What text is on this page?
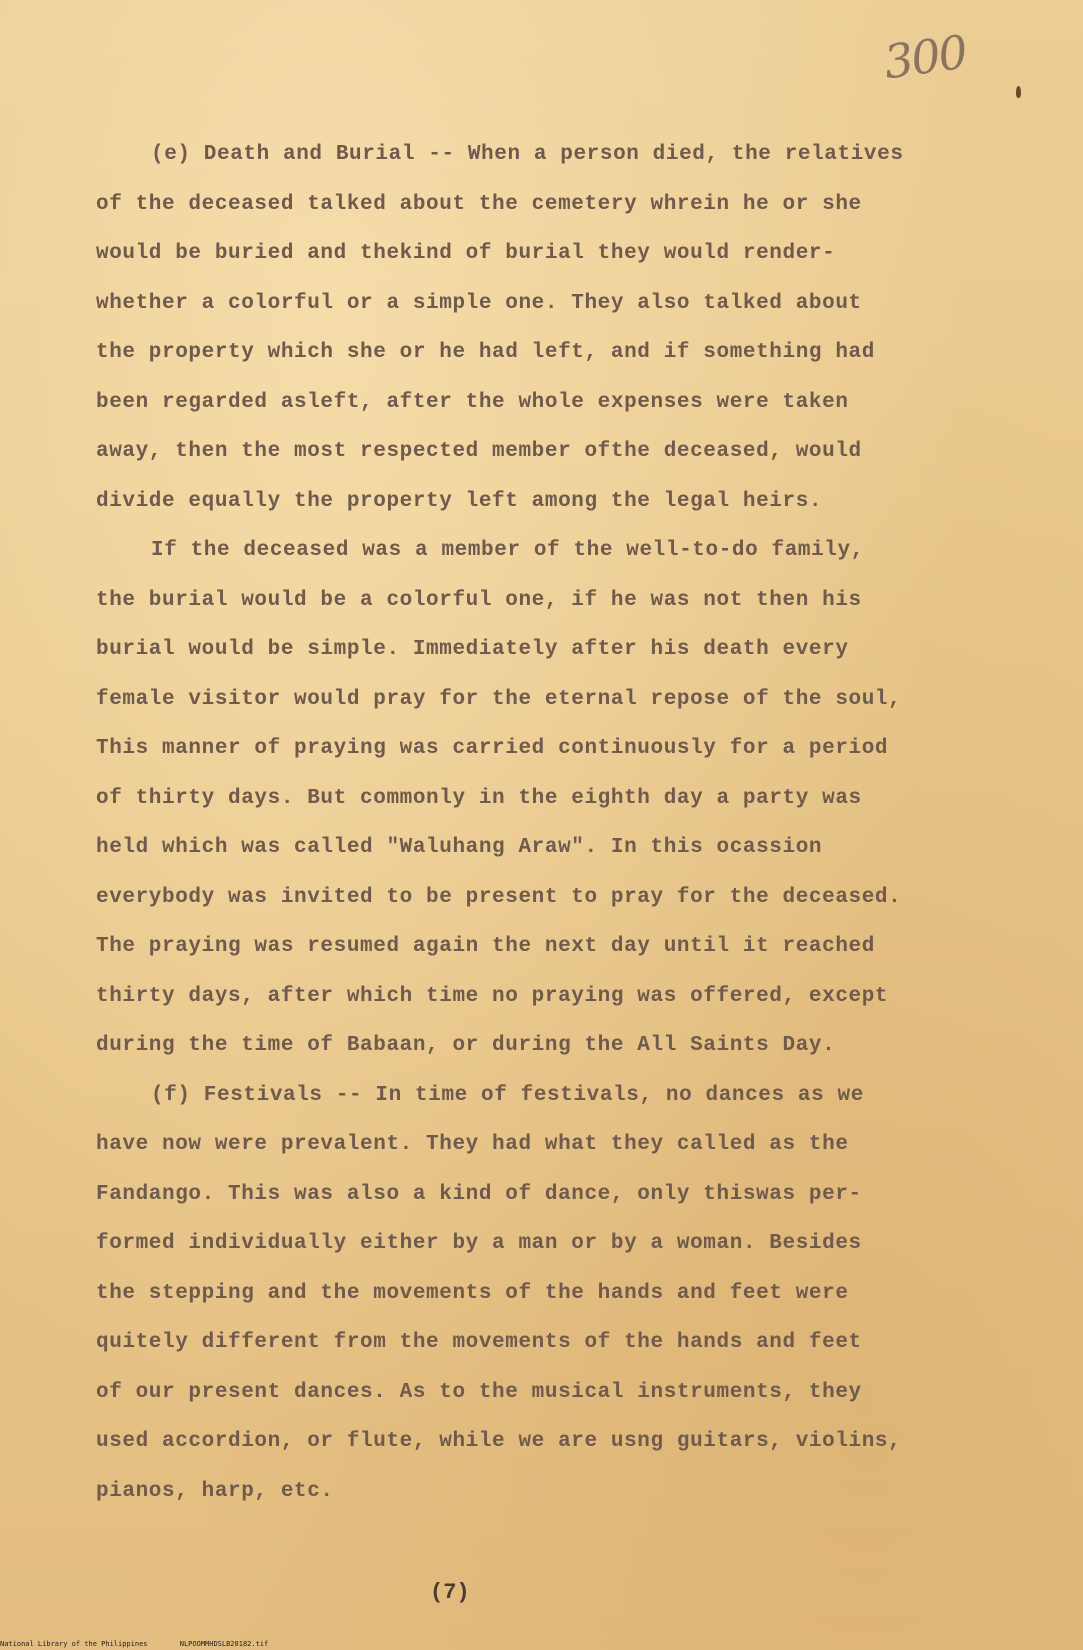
300
(e) Death and Burial -- When a person died, the relatives
of the deceased talked about the cemetery whrein he or she
would be buried and thekind of burial they would render-
whether a colorful or a simple one. They also talked about
the property which she or he had left, and if something had
been regarded asleft, after the whole expenses were taken
away, then the most respected member ofthe deceased, would
divide equally the property left among the legal heirs.
If the deceased was a member of the well-to-do family,
the burial would be a colorful one, if he was not then his
burial would be simple. Immediately after his death every
female visitor would pray for the eternal repose of the soul,
This manner of praying was carried continuously for a period
of thirty days. But commonly in the eighth day a party was
held which was called "Waluhang Araw". In this ocassion
everybody was invited to be present to pray for the deceased.
The praying was resumed again the next day until it reached
thirty days, after which time no praying was offered, except
during the time of Babaan, or during the All Saints Day.
(f) Festivals -- In time of festivals, no dances as we
have now were prevalent. They had what they called as the
Fandango. This was also a kind of dance, only thiswas per-
formed individually either by a man or by a woman. Besides
the stepping and the movements of the hands and feet were
quitely different from the movements of the hands and feet
of our present dances. As to the musical instruments, they
used accordion, or flute, while we are usng guitars, violins,
pianos, harp, etc.
(7)
National Library of the Philippines	NLPOOMMHDSLB20182.tif
